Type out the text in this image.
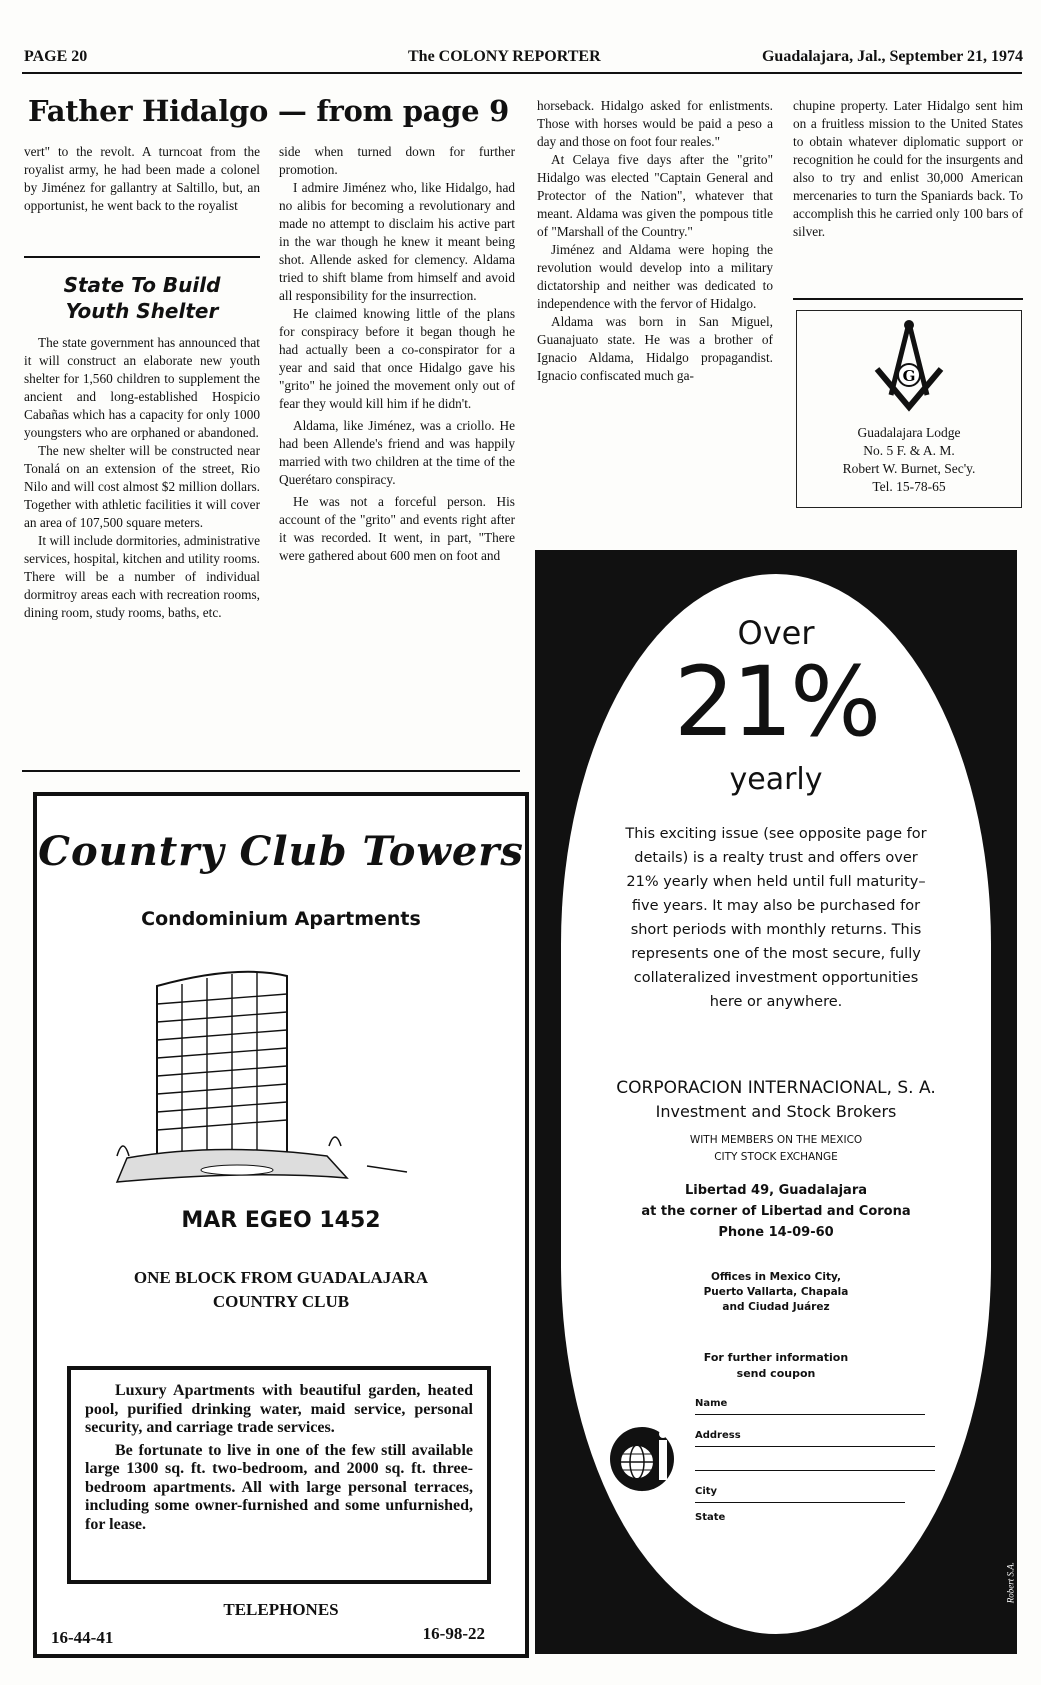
PAGE 20	The COLONY REPORTER	Guadalajara, Jal., September 21, 1974
Father Hidalgo — from page 9

vert" to the revolt. A turncoat from the royalist army, he had been made a colonel by Jiménez for gallantry at Saltillo, but, an opportunist, he went back to the royalist

State To Build
Youth Shelter

The state government has announced that it will construct an elaborate new youth shelter for 1,560 children to supplement the ancient and long-established Hospicio Cabañas which has a capacity for only 1000 youngsters who are orphaned or abandoned.

The new shelter will be constructed near Tonalá on an extension of the street, Rio Nilo and will cost almost $2 million dollars. Together with athletic facilities it will cover an area of 107,500 square meters.

It will include dormitories, administrative services, hospital, kitchen and utility rooms. There will be a number of individual dormitroy areas each with recreation rooms, dining room, study rooms, baths, etc.

side when turned down for further promotion.

I admire Jiménez who, like Hidalgo, had no alibis for becoming a revolutionary and made no attempt to disclaim his active part in the war though he knew it meant being shot. Allende asked for clemency. Aldama tried to shift blame from himself and avoid all responsibility for the insurrection.

He claimed knowing little of the plans for conspiracy before it began though he had actually been a co-conspirator for a year and said that once Hidalgo gave his "grito" he joined the movement only out of fear they would kill him if he didn't.

Aldama, like Jiménez, was a criollo. He had been Allende's friend and was happily married with two children at the time of the Querétaro conspiracy.

He was not a forceful person. His account of the "grito" and events right after it was recorded. It went, in part, "There were gathered about 600 men on foot and

horseback. Hidalgo asked for enlistments. Those with horses would be paid a peso a day and those on foot four reales."

At Celaya five days after the "grito" Hidalgo was elected "Captain General and Protector of the Nation", whatever that meant. Aldama was given the pompous title of "Marshall of the Country."

Jiménez and Aldama were hoping the revolution would develop into a military dictatorship and neither was dedicated to independence with the fervor of Hidalgo.

Aldama was born in San Miguel, Guanajuato state. He was a brother of Ignacio Aldama, Hidalgo propagandist. Ignacio confiscated much ga-

chupine property. Later Hidalgo sent him on a fruitless mission to the United States to obtain whatever diplomatic support or recognition he could for the insurgents and also to try and enlist 30,000 American mercenaries to turn the Spaniards back. To accomplish this he carried only 100 bars of silver.

G
Guadalajara Lodge
No. 5 F. & A. M.
Robert W. Burnet, Sec'y.
Tel. 15-78-65
Country Club Towers
Condominium Apartments
MAR EGEO 1452
ONE BLOCK FROM GUADALAJARA
COUNTRY CLUB

Luxury Apartments with beautiful garden, heated pool, purified drinking water, maid service, personal security, and carriage trade services.

Be fortunate to live in one of the few still available large 1300 sq. ft. two-bedroom, and 2000 sq. ft. three-bedroom apartments. All with large personal terraces, including some owner-furnished and some unfurnished, for lease.

TELEPHONES
16-44-41	16-98-22
Over
21%
yearly
This exciting issue (see opposite page for details) is a realty trust and offers over 21% yearly when held until full maturity–five years. It may also be purchased for short periods with monthly returns. This represents one of the most secure, fully collateralized investment opportunities here or anywhere.
CORPORACION INTERNACIONAL, S. A.
Investment and Stock Brokers
WITH MEMBERS ON THE MEXICO
CITY STOCK EXCHANGE
Libertad 49, Guadalajara
at the corner of Libertad and Corona
Phone 14-09-60
Offices in Mexico City,
Puerto Vallarta, Chapala
and Ciudad Juárez
For further information
send coupon
ci
Name
Address
City
State
Robert S.A.
